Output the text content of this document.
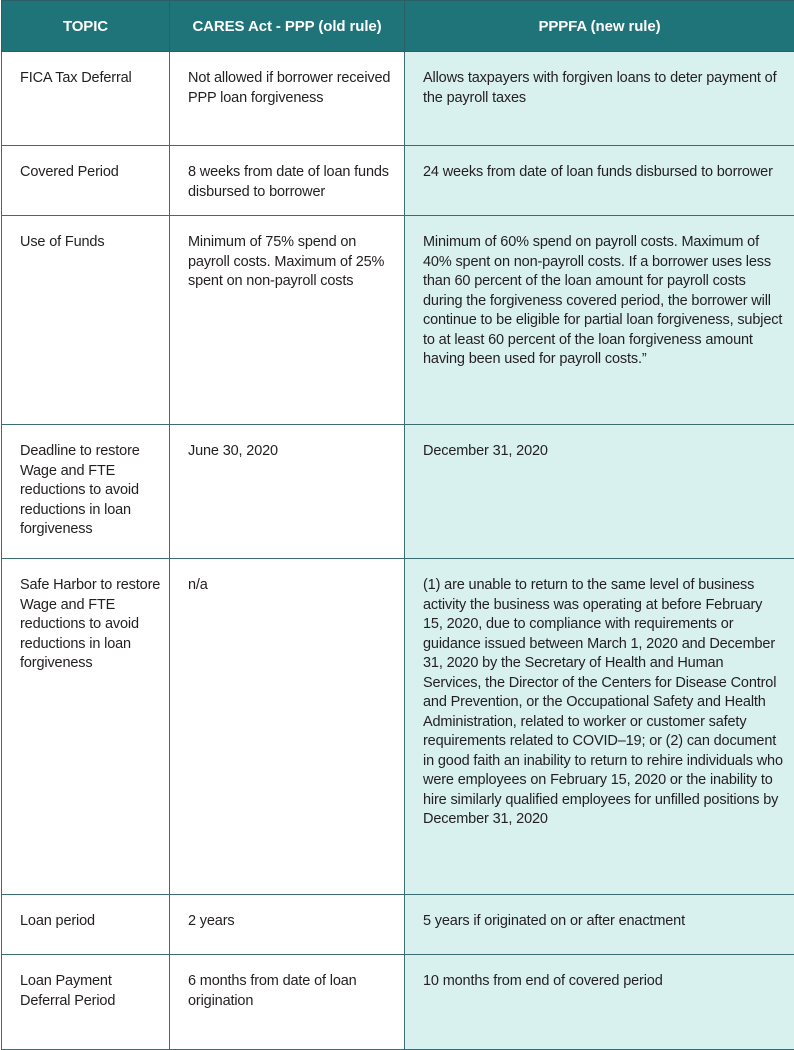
TOPIC	CARES Act - PPP (old rule)	PPPFA (new rule)
FICA Tax Deferral	Not allowed if borrower received PPP loan forgiveness	Allows taxpayers with forgiven loans to deter payment of the payroll taxes
Covered Period	8 weeks from date of loan funds disbursed to borrower	24 weeks from date of loan funds disbursed to borrower
Use of Funds	Minimum of 75% spend on payroll costs. Maximum of 25% spent on non-payroll costs	Minimum of 60% spend on payroll costs. Maximum of 40% spent on non-payroll costs. If a borrower uses less than 60 percent of the loan amount for payroll costs during the forgiveness covered period, the borrower will continue to be eligible for partial loan forgiveness, subject to at least 60 percent of the loan forgiveness amount having been used for payroll costs.”
Deadline to restore Wage and FTE reductions to avoid reductions in loan forgiveness	June 30, 2020	December 31, 2020
Safe Harbor to restore Wage and FTE reductions to avoid reductions in loan forgiveness	n/a	(1) are unable to return to the same level of business activity the business was operating at before February 15, 2020, due to compliance with requirements or guidance issued between March 1, 2020 and December 31, 2020 by the Secretary of Health and Human Services, the Director of the Centers for Disease Control and Prevention, or the Occupational Safety and Health Administration, related to worker or customer safety requirements related to COVID–19; or (2) can document in good faith an inability to return to rehire individuals who were employees on February 15, 2020 or the inability to hire similarly qualified employees for unfilled positions by December 31, 2020
Loan period	2 years	5 years if originated on or after enactment
Loan Payment Deferral Period	6 months from date of loan origination	10 months from end of covered period
